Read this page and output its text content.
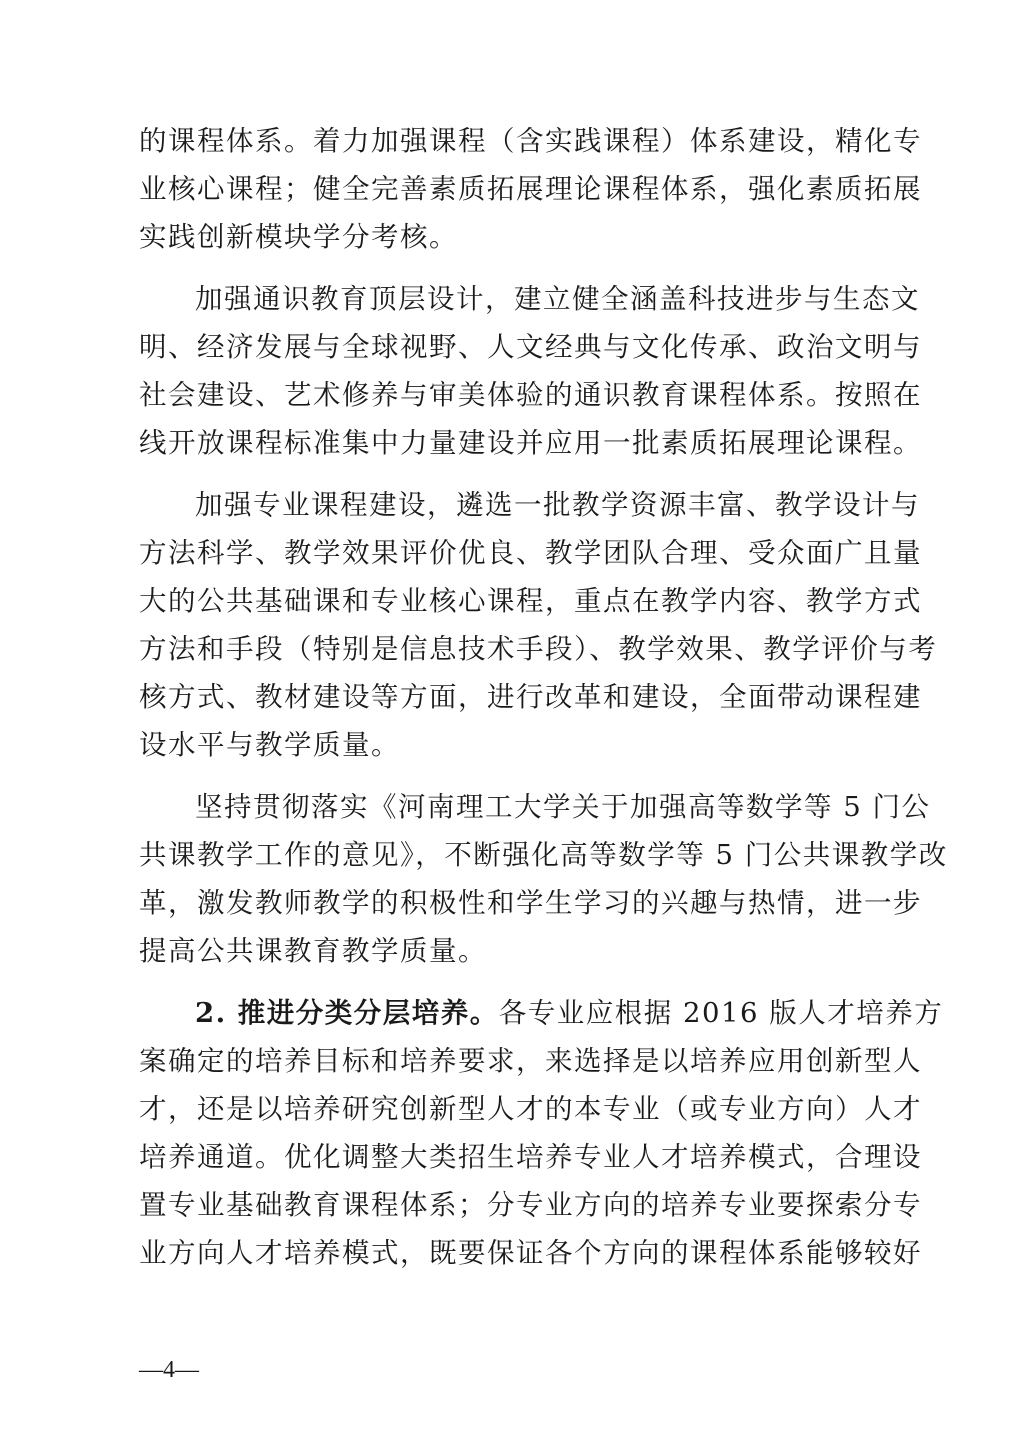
的课程体系。着力加强课程（含实践课程）体系建设，精化专
业核心课程；健全完善素质拓展理论课程体系，强化素质拓展
实践创新模块学分考核。
加强通识教育顶层设计，建立健全涵盖科技进步与生态文
明、经济发展与全球视野、人文经典与文化传承、政治文明与
社会建设、艺术修养与审美体验的通识教育课程体系。按照在
线开放课程标准集中力量建设并应用一批素质拓展理论课程。
加强专业课程建设，遴选一批教学资源丰富、教学设计与
方法科学、教学效果评价优良、教学团队合理、受众面广且量
大的公共基础课和专业核心课程，重点在教学内容、教学方式
方法和手段（特别是信息技术手段）、教学效果、教学评价与考
核方式、教材建设等方面，进行改革和建设，全面带动课程建
设水平与教学质量。
坚持贯彻落实《河南理工大学关于加强高等数学等 5 门公
共课教学工作的意见》，不断强化高等数学等 5 门公共课教学改
革，激发教师教学的积极性和学生学习的兴趣与热情，进一步
提高公共课教育教学质量。
2. 推进分类分层培养。各专业应根据 2016 版人才培养方
案确定的培养目标和培养要求，来选择是以培养应用创新型人
才，还是以培养研究创新型人才的本专业（或专业方向）人才
培养通道。优化调整大类招生培养专业人才培养模式，合理设
置专业基础教育课程体系；分专业方向的培养专业要探索分专
业方向人才培养模式，既要保证各个方向的课程体系能够较好
—4—
